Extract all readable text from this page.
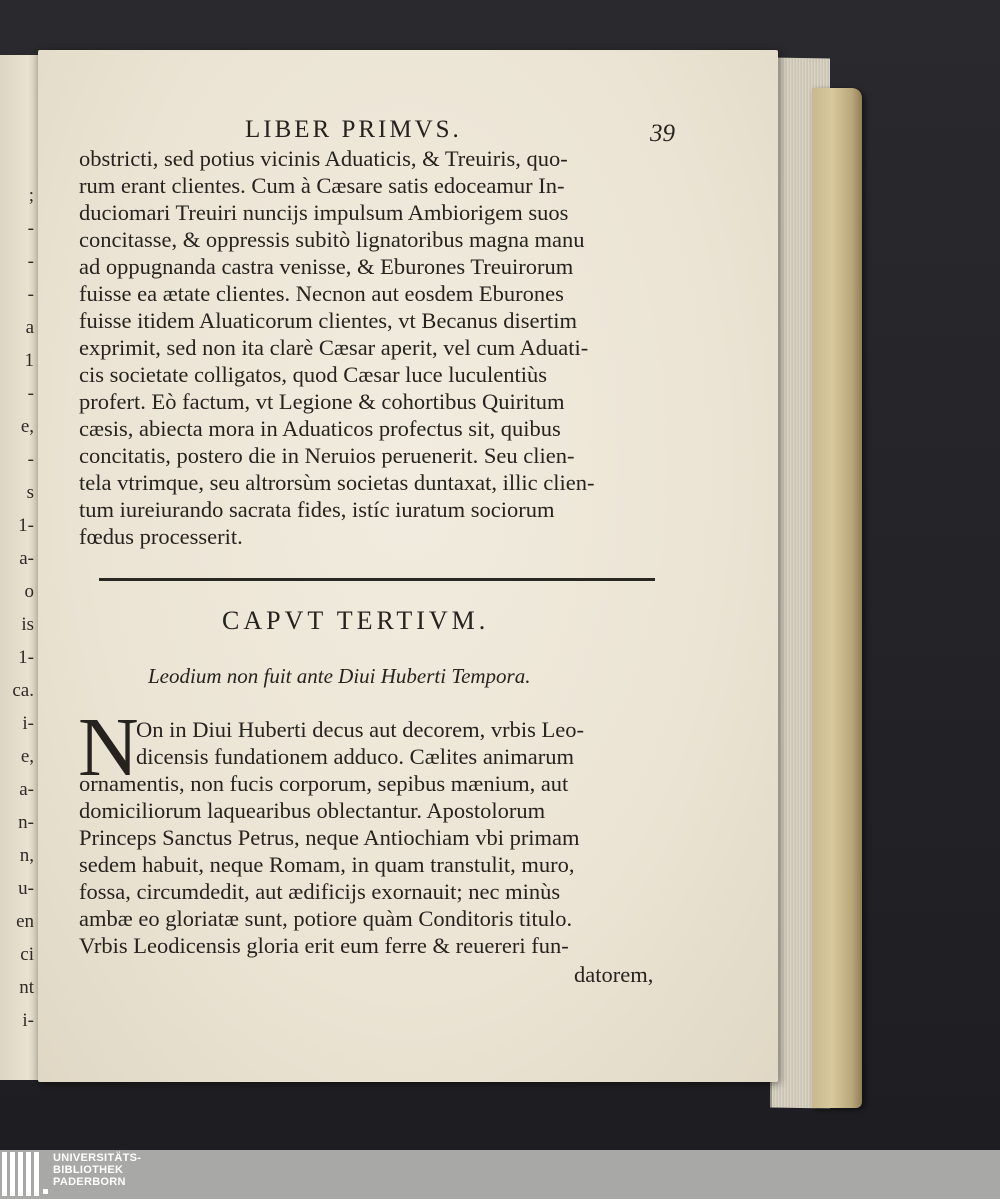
;
-
-
-
a
1
-
e,
-
s
1-
a-
o
is
1-
ca.
i-
e,
a-
n-
n,
u-
en
ci
nt
i-
LIBER PRIMVS.	39
obstricti, sed potius vicinis Aduaticis, & Treuiris, quo-
rum erant clientes. Cum à Cæsare satis edoceamur In-
duciomari Treuiri nuncijs impulsum Ambiorigem suos
concitasse, & oppressis subitò lignatoribus magna manu
ad oppugnanda castra venisse, & Eburones Treuirorum
fuisse ea ætate clientes. Necnon aut eosdem Eburones
fuisse itidem Aluaticorum clientes, vt Becanus disertim
exprimit, sed non ita clarè Cæsar aperit, vel cum Aduati-
cis societate colligatos, quod Cæsar luce luculentiùs
profert. Eò factum, vt Legione & cohortibus Quiritum
cæsis, abiecta mora in Aduaticos profectus sit, quibus
concitatis, postero die in Neruios peruenerit. Seu clien-
tela vtrimque, seu altrorsùm societas duntaxat, illic clien-
tum iureiurando sacrata fides, istíc iuratum sociorum
fœdus processerit.
CAPVT TERTIVM.
Leodium non fuit ante Diui Huberti Tempora.
N
On in Diui Huberti decus aut decorem, vrbis Leo-
dicensis fundationem adduco. Cælites animarum
ornamentis, non fucis corporum, sepibus mænium, aut
domiciliorum laquearibus oblectantur. Apostolorum
Princeps Sanctus Petrus, neque Antiochiam vbi primam
sedem habuit, neque Romam, in quam transtulit, muro,
fossa, circumdedit, aut ædificijs exornauit; nec minùs
ambæ eo gloriatæ sunt, potiore quàm Conditoris titulo.
Vrbis Leodicensis gloria erit eum ferre & reuereri fun-
datorem,
UNIVERSITÄTS-
BIBLIOTHEK
PADERBORN
